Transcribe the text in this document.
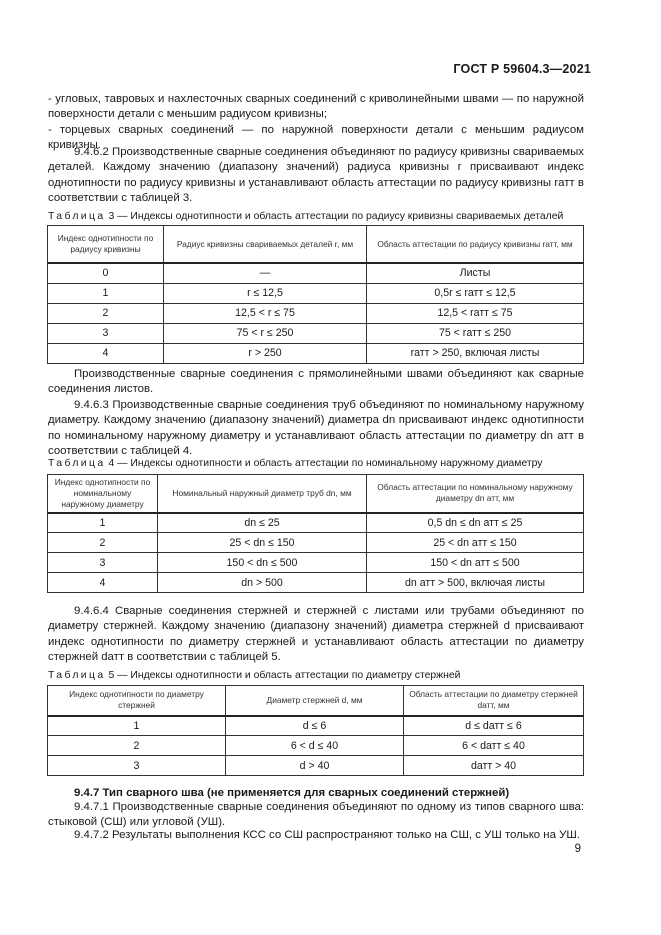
ГОСТ Р 59604.3—2021
- угловых, тавровых и нахлесточных сварных соединений с криволинейными швами — по наружной поверхности детали с меньшим радиусом кривизны;
- торцевых сварных соединений — по наружной поверхности детали с меньшим радиусом кривизны.
9.4.6.2 Производственные сварные соединения объединяют по радиусу кривизны свариваемых деталей. Каждому значению (диапазону значений) радиуса кривизны r присваивают индекс однотипности по радиусу кривизны и устанавливают область аттестации по радиусу кривизны rатт в соответствии с таблицей 3.
Таблица 3 — Индексы однотипности и область аттестации по радиусу кривизны свариваемых деталей
Индекс однотипности по радиусу кривизны	Радиус кривизны свариваемых деталей r, мм	Область аттестации по радиусу кривизны rатт, мм
0	—	Листы
1	r ≤ 12,5	0,5r ≤ rатт ≤ 12,5
2	12,5 < r ≤ 75	12,5 < rатт ≤ 75
3	75 < r ≤ 250	75 < rатт ≤ 250
4	r > 250	rатт > 250, включая листы
Производственные сварные соединения с прямолинейными швами объединяют как сварные соединения листов.
9.4.6.3 Производственные сварные соединения труб объединяют по номинальному наружному диаметру. Каждому значению (диапазону значений) диаметра dn присваивают индекс однотипности по номинальному наружному диаметру и устанавливают область аттестации по диаметру dn атт в соответствии с таблицей 4.
Таблица 4 — Индексы однотипности и область аттестации по номинальному наружному диаметру
Индекс однотипности по номинальному наружному диаметру	Номинальный наружный диаметр труб dn, мм	Область аттестации по номинальному наружному диаметру dn атт, мм
1	dn ≤ 25	0,5 dn ≤ dn атт ≤ 25
2	25 < dn ≤ 150	25 < dn атт ≤ 150
3	150 < dn ≤ 500	150 < dn атт ≤ 500
4	dn > 500	dn атт > 500, включая листы
9.4.6.4 Сварные соединения стержней и стержней с листами или трубами объединяют по диаметру стержней. Каждому значению (диапазону значений) диаметра стержней d присваивают индекс однотипности по диаметру стержней и устанавливают область аттестации по диаметру стержней dатт в соответствии с таблицей 5.
Таблица 5 — Индексы однотипности и область аттестации по диаметру стержней
Индекс однотипности по диаметру стержней	Диаметр стержней d, мм	Область аттестации по диаметру стержней dатт, мм
1	d ≤ 6	d ≤ dатт ≤ 6
2	6 < d ≤ 40	6 < dатт ≤ 40
3	d > 40	dатт > 40
9.4.7 Тип сварного шва (не применяется для сварных соединений стержней)
9.4.7.1 Производственные сварные соединения объединяют по одному из типов сварного шва: стыковой (СШ) или угловой (УШ).
9.4.7.2 Результаты выполнения КСС со СШ распространяют только на СШ, с УШ только на УШ.
9
